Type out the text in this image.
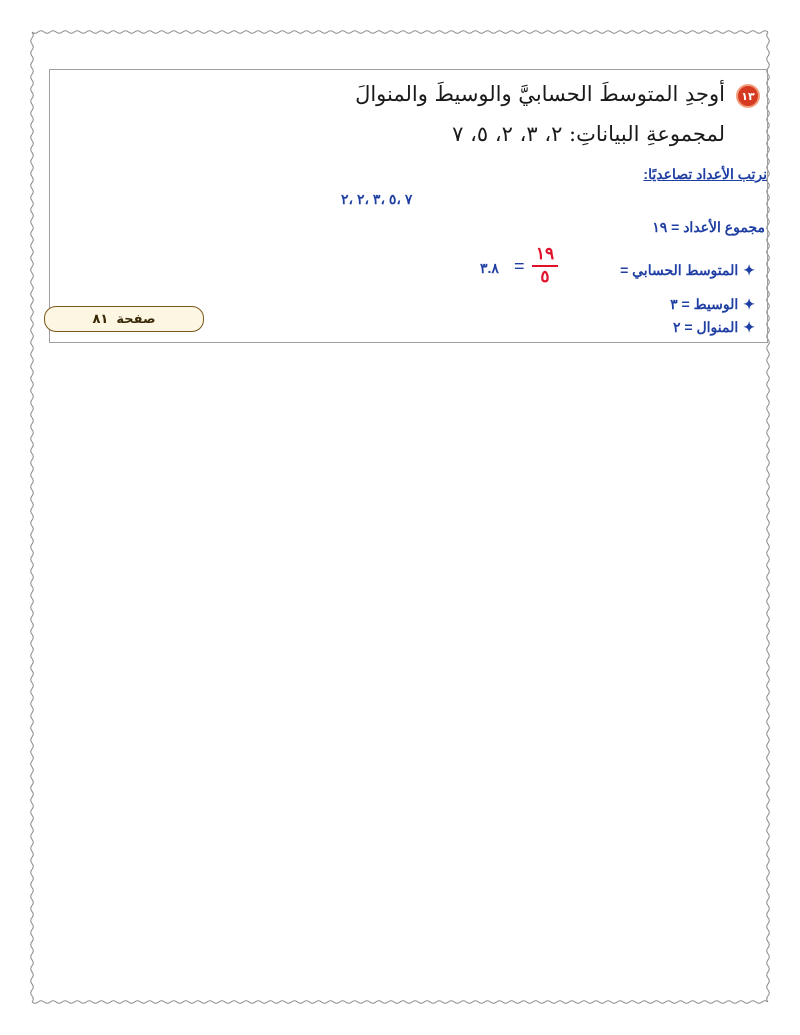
١٣
أوجدِ المتوسطَ الحسابيَّ والوسيطَ والمنوالَ
لمجموعةِ البياناتِ: ٢، ٣، ٢، ٥، ٧
نرتب الأعداد تصاعديًا:
٧ ،٥ ،٣ ،٢ ،٢
مجموع الأعداد = ١٩
✦المتوسط الحسابي =
١٩
٥
=
٣.٨
✦الوسيط = ٣
✦المنوال = ٢
صفحة
٨١
